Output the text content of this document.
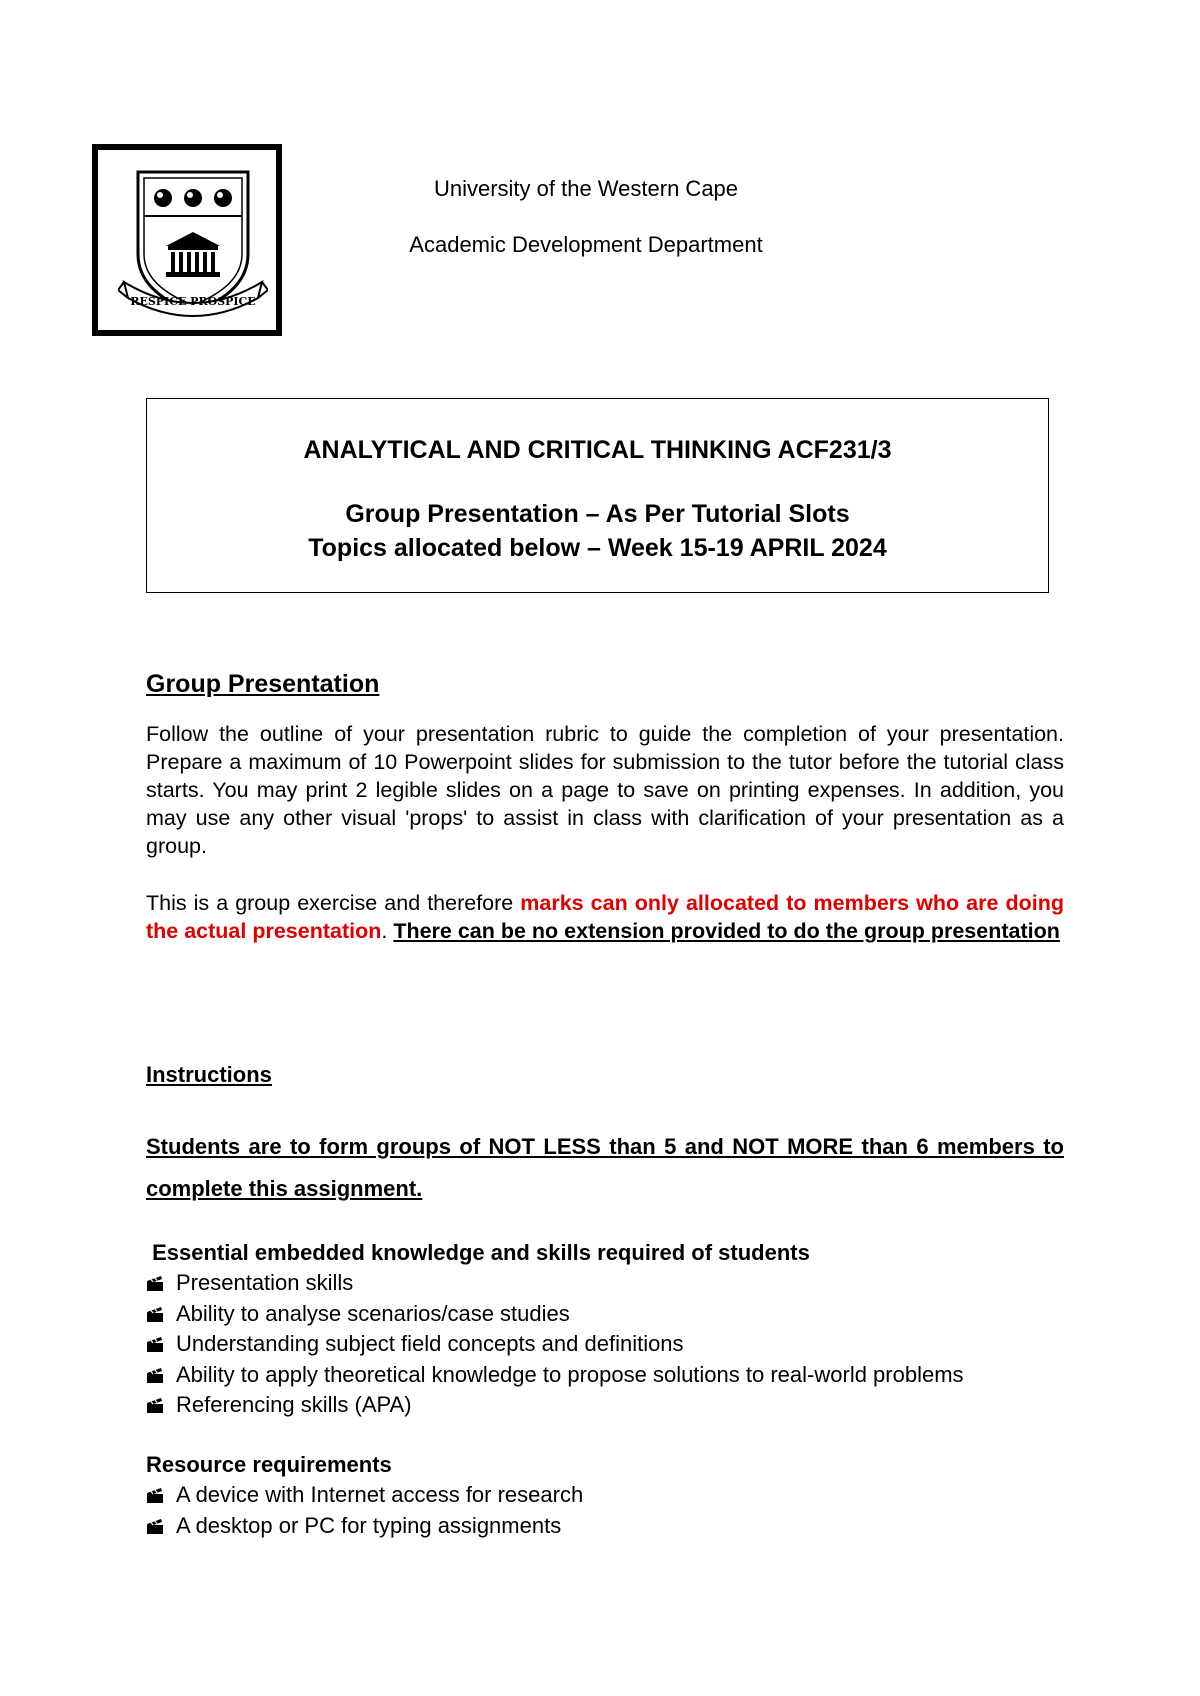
RESPICE PROSPICE
University of the Western Cape
Academic Development Department
ANALYTICAL AND CRITICAL THINKING ACF231/3
Group Presentation – As Per Tutorial Slots
Topics allocated below – Week 15-19 APRIL 2024
Group Presentation

Follow the outline of your presentation rubric to guide the completion of your presentation. Prepare a maximum of 10 Powerpoint slides for submission to the tutor before the tutorial class starts. You may print 2 legible slides on a page to save on printing expenses. In addition, you may use any other visual 'props' to assist in class with clarification of your presentation as a group.

This is a group exercise and therefore marks can only allocated to members who are doing the actual presentation. There can be no extension provided to do the group presentation

Instructions

Students are to form groups of NOT LESS than 5 and NOT MORE than 6 members to complete this assignment.

Essential embedded knowledge and skills required of students
Presentation skills
Ability to analyse scenarios/case studies
Understanding subject field concepts and definitions
Ability to apply theoretical knowledge to propose solutions to real-world problems
Referencing skills (APA)
Resource requirements
A device with Internet access for research
A desktop or PC for typing assignments
